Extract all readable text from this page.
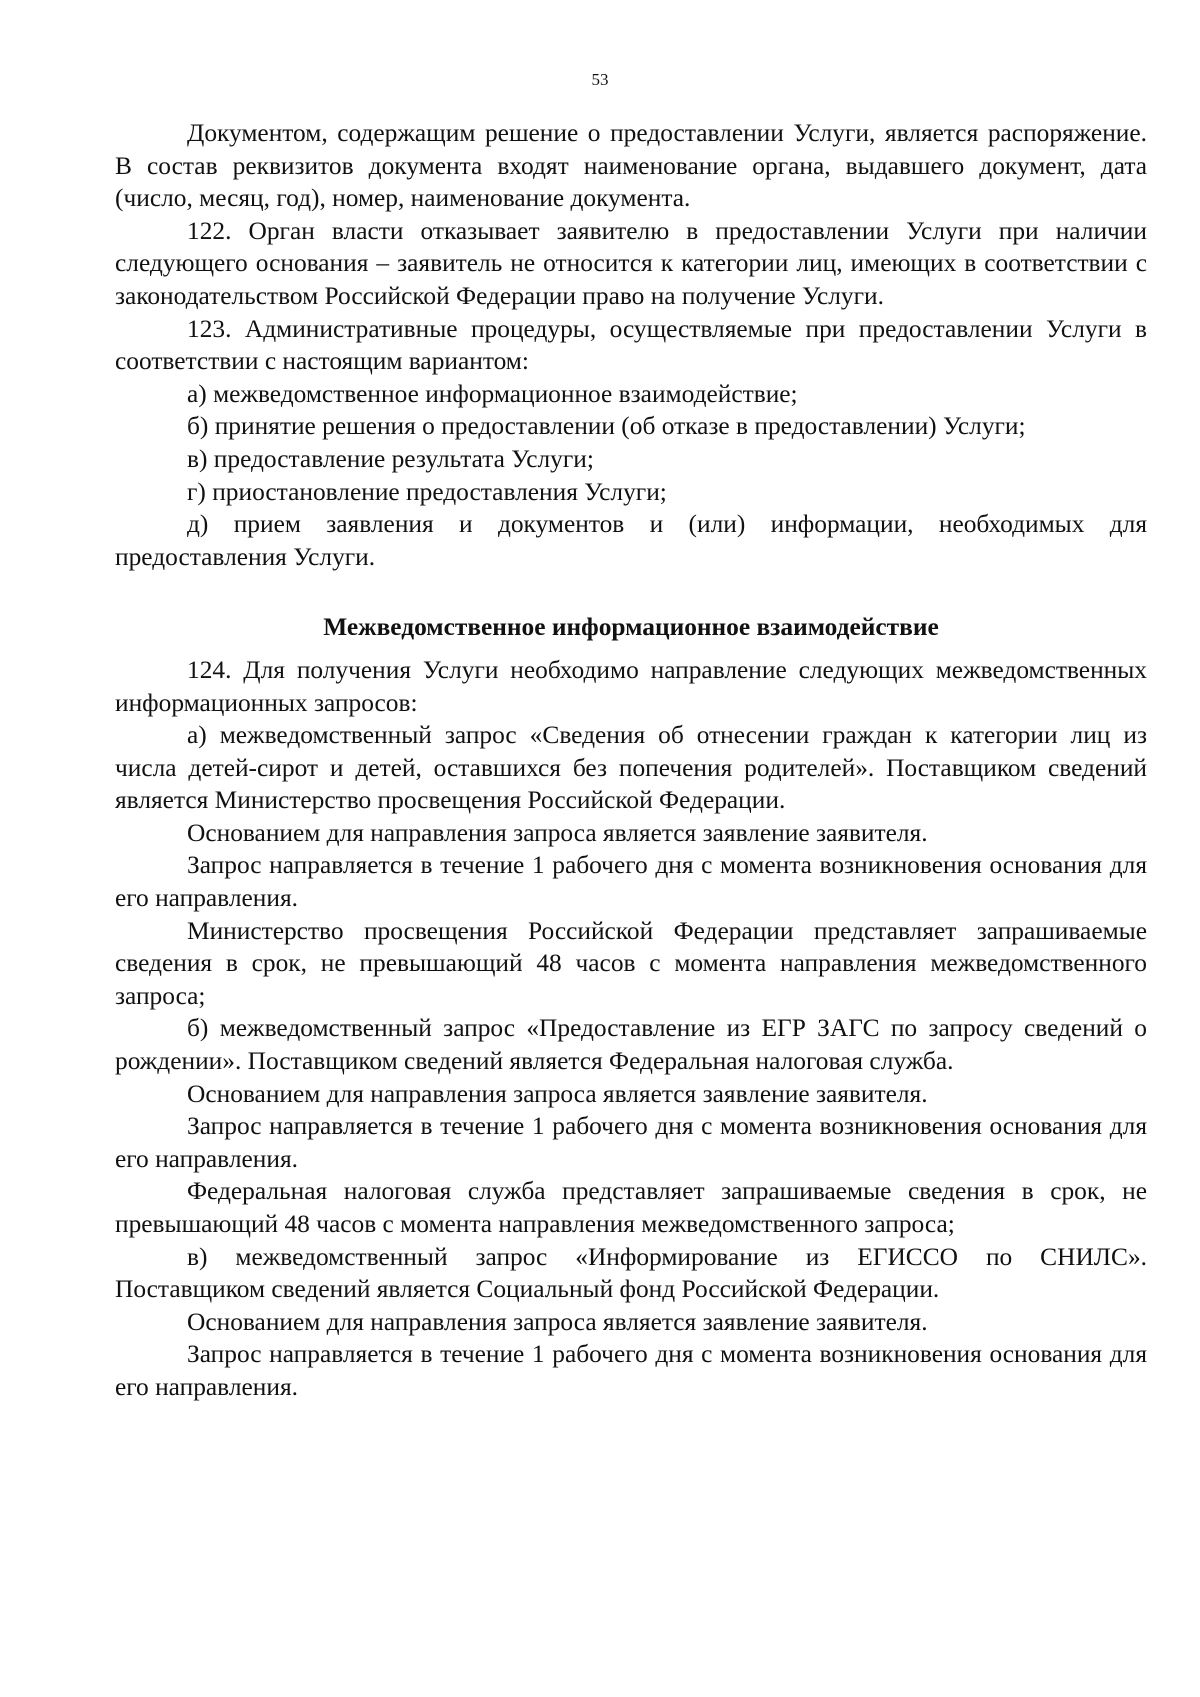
53

Документом, содержащим решение о предоставлении Услуги, является распоряжение. В состав реквизитов документа входят наименование органа, выдавшего документ, дата (число, месяц, год), номер, наименование документа.

122. Орган власти отказывает заявителю в предоставлении Услуги при наличии следующего основания – заявитель не относится к категории лиц, имеющих в соответствии с законодательством Российской Федерации право на получение Услуги.

123. Административные процедуры, осуществляемые при предоставлении Услуги в соответствии с настоящим вариантом:

а) межведомственное информационное взаимодействие;

б) принятие решения о предоставлении (об отказе в предоставлении) Услуги;

в) предоставление результата Услуги;

г) приостановление предоставления Услуги;

д) прием заявления и документов и (или) информации, необходимых для предоставления Услуги.

Межведомственное информационное взаимодействие

124. Для получения Услуги необходимо направление следующих межведомственных информационных запросов:

а) межведомственный запрос «Сведения об отнесении граждан к категории лиц из числа детей-сирот и детей, оставшихся без попечения родителей». Поставщиком сведений является Министерство просвещения Российской Федерации.

Основанием для направления запроса является заявление заявителя.

Запрос направляется в течение 1 рабочего дня с момента возникновения основания для его направления.

Министерство просвещения Российской Федерации представляет запрашиваемые сведения в срок, не превышающий 48 часов с момента направления межведомственного запроса;

б) межведомственный запрос «Предоставление из ЕГР ЗАГС по запросу сведений о рождении». Поставщиком сведений является Федеральная налоговая служба.

Основанием для направления запроса является заявление заявителя.

Запрос направляется в течение 1 рабочего дня с момента возникновения основания для его направления.

Федеральная налоговая служба представляет запрашиваемые сведения в срок, не превышающий 48 часов с момента направления межведомственного запроса;

в) межведомственный запрос «Информирование из ЕГИССО по СНИЛС». Поставщиком сведений является Социальный фонд Российской Федерации.

Основанием для направления запроса является заявление заявителя.

Запрос направляется в течение 1 рабочего дня с момента возникновения основания для его направления.
